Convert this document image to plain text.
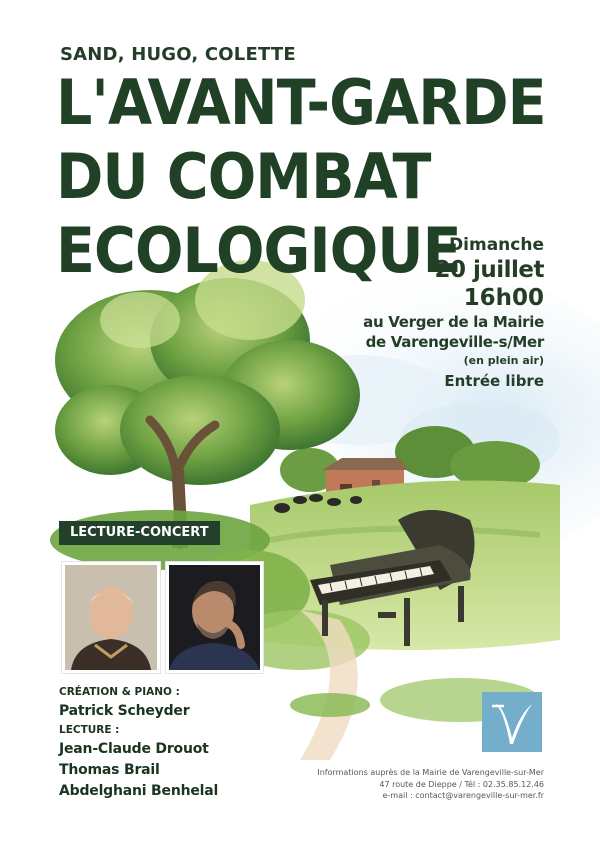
SAND, HUGO, COLETTE
L'AVANT-GARDE
DU COMBAT
ECOLOGIQUE
Dimanche
20 juillet
16h00
au Verger de la Mairie
de Varengeville-s/Mer
(en plein air)
Entrée libre
LECTURE-CONCERT
CRÉATION & PIANO :
Patrick Scheyder
LECTURE :
Jean-Claude Drouot
Thomas Brail
Abdelghani Benhelal
Informations auprès de la Mairie de Varengeville-sur-Mer
47 route de Dieppe / Tél : 02.35.85.12.46
e-mail : contact@varengeville-sur-mer.fr
